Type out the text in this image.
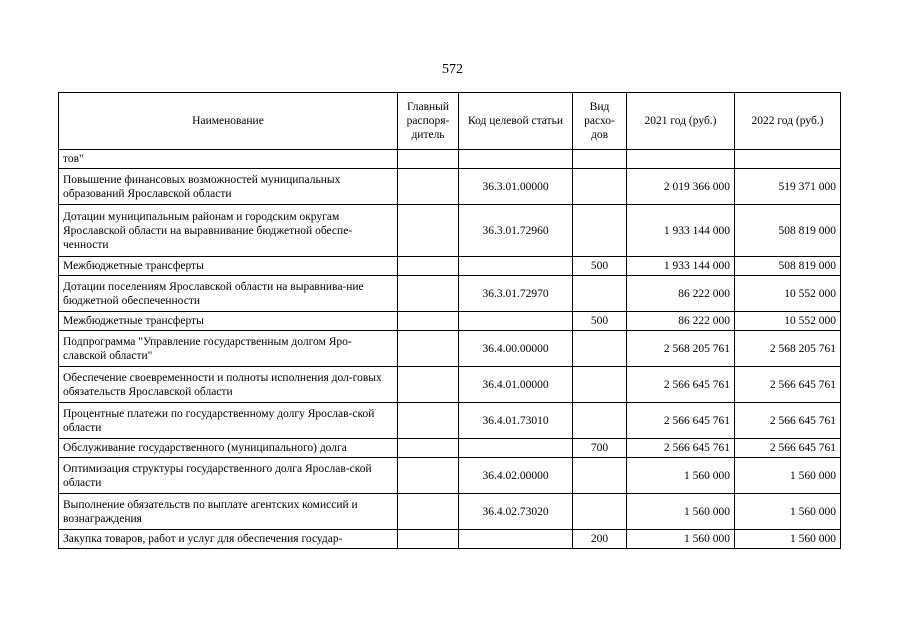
572
Наименование	Главный распоря-дитель	Код целевой статьи	Вид расхо-дов	2021 год (руб.)	2022 год (руб.)
тов"					
Повышение финансовых возможностей муниципальных образований Ярославской области		36.3.01.00000		2 019 366 000	519 371 000
Дотации муниципальным районам и городским округам Ярославской области на выравнивание бюджетной обеспе-ченности		36.3.01.72960		1 933 144 000	508 819 000
Межбюджетные трансферты			500	1 933 144 000	508 819 000
Дотации поселениям Ярославской области на выравнива-ние бюджетной обеспеченности		36.3.01.72970		86 222 000	10 552 000
Межбюджетные трансферты			500	86 222 000	10 552 000
Подпрограмма "Управление государственным долгом Яро-славской области"		36.4.00.00000		2 568 205 761	2 568 205 761
Обеспечение своевременности и полноты исполнения дол-говых обязательств Ярославской области		36.4.01.00000		2 566 645 761	2 566 645 761
Процентные платежи по государственному долгу Ярослав-ской области		36.4.01.73010		2 566 645 761	2 566 645 761
Обслуживание государственного (муниципального) долга			700	2 566 645 761	2 566 645 761
Оптимизация структуры государственного долга Ярослав-ской области		36.4.02.00000		1 560 000	1 560 000
Выполнение обязательств по выплате агентских комиссий и вознаграждения		36.4.02.73020		1 560 000	1 560 000
Закупка товаров, работ и услуг для обеспечения государ-			200	1 560 000	1 560 000
